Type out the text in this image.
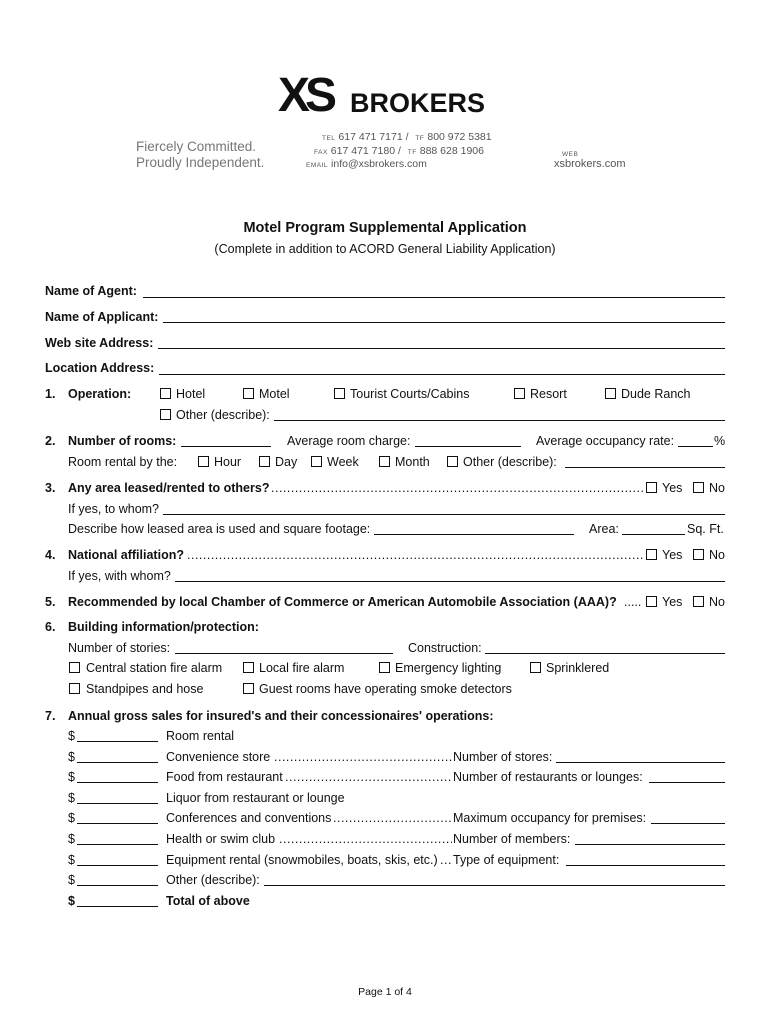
XS BROKERS
Fiercely Committed.
Proudly Independent.
TEL 617 471 7171 / TF 800 972 5381
FAX 617 471 7180 / TF 888 628 1906
EMAIL info@xsbrokers.com
WEB
xsbrokers.com
Motel Program Supplemental Application
(Complete in addition to ACORD General Liability Application)
Name of Agent:
Name of Applicant:
Web site Address:
Location Address:
1. Operation:	Hotel	Motel	Tourist Courts/Cabins	Resort	Dude Ranch
Other (describe):
2. Number of rooms:	Average room charge:	Average occupancy rate:	%
Room rental by the:	Hour	Day Week	Month	Other (describe):
3. Any area leased/rented to others? .....	Yes No
If yes, to whom?
Describe how leased area is used and square footage:	Area:	Sq. Ft.
4. National affiliation? .....	Yes No
If yes, with whom?
5. Recommended by local Chamber of Commerce or American Automobile Association (AAA)? ..... Yes No
6. Building information/protection:
Number of stories:	Construction:
Central station fire alarm	Local fire alarm	Emergency lighting	Sprinklered
Standpipes and hose	Guest rooms have operating smoke detectors
7. Annual gross sales for insured's and their concessionaires' operations:
$	Room rental
$	Convenience store .....	Number of stores:
$	Food from restaurant .....	Number of restaurants or lounges:
$	Liquor from restaurant or lounge
$	Conferences and conventions .....	Maximum occupancy for premises:
$	Health or swim club .....	Number of members:
$	Equipment rental (snowmobiles, boats, skis, etc.) ..... Type of equipment:
$	Other (describe):
$	Total of above
Page 1 of 4
